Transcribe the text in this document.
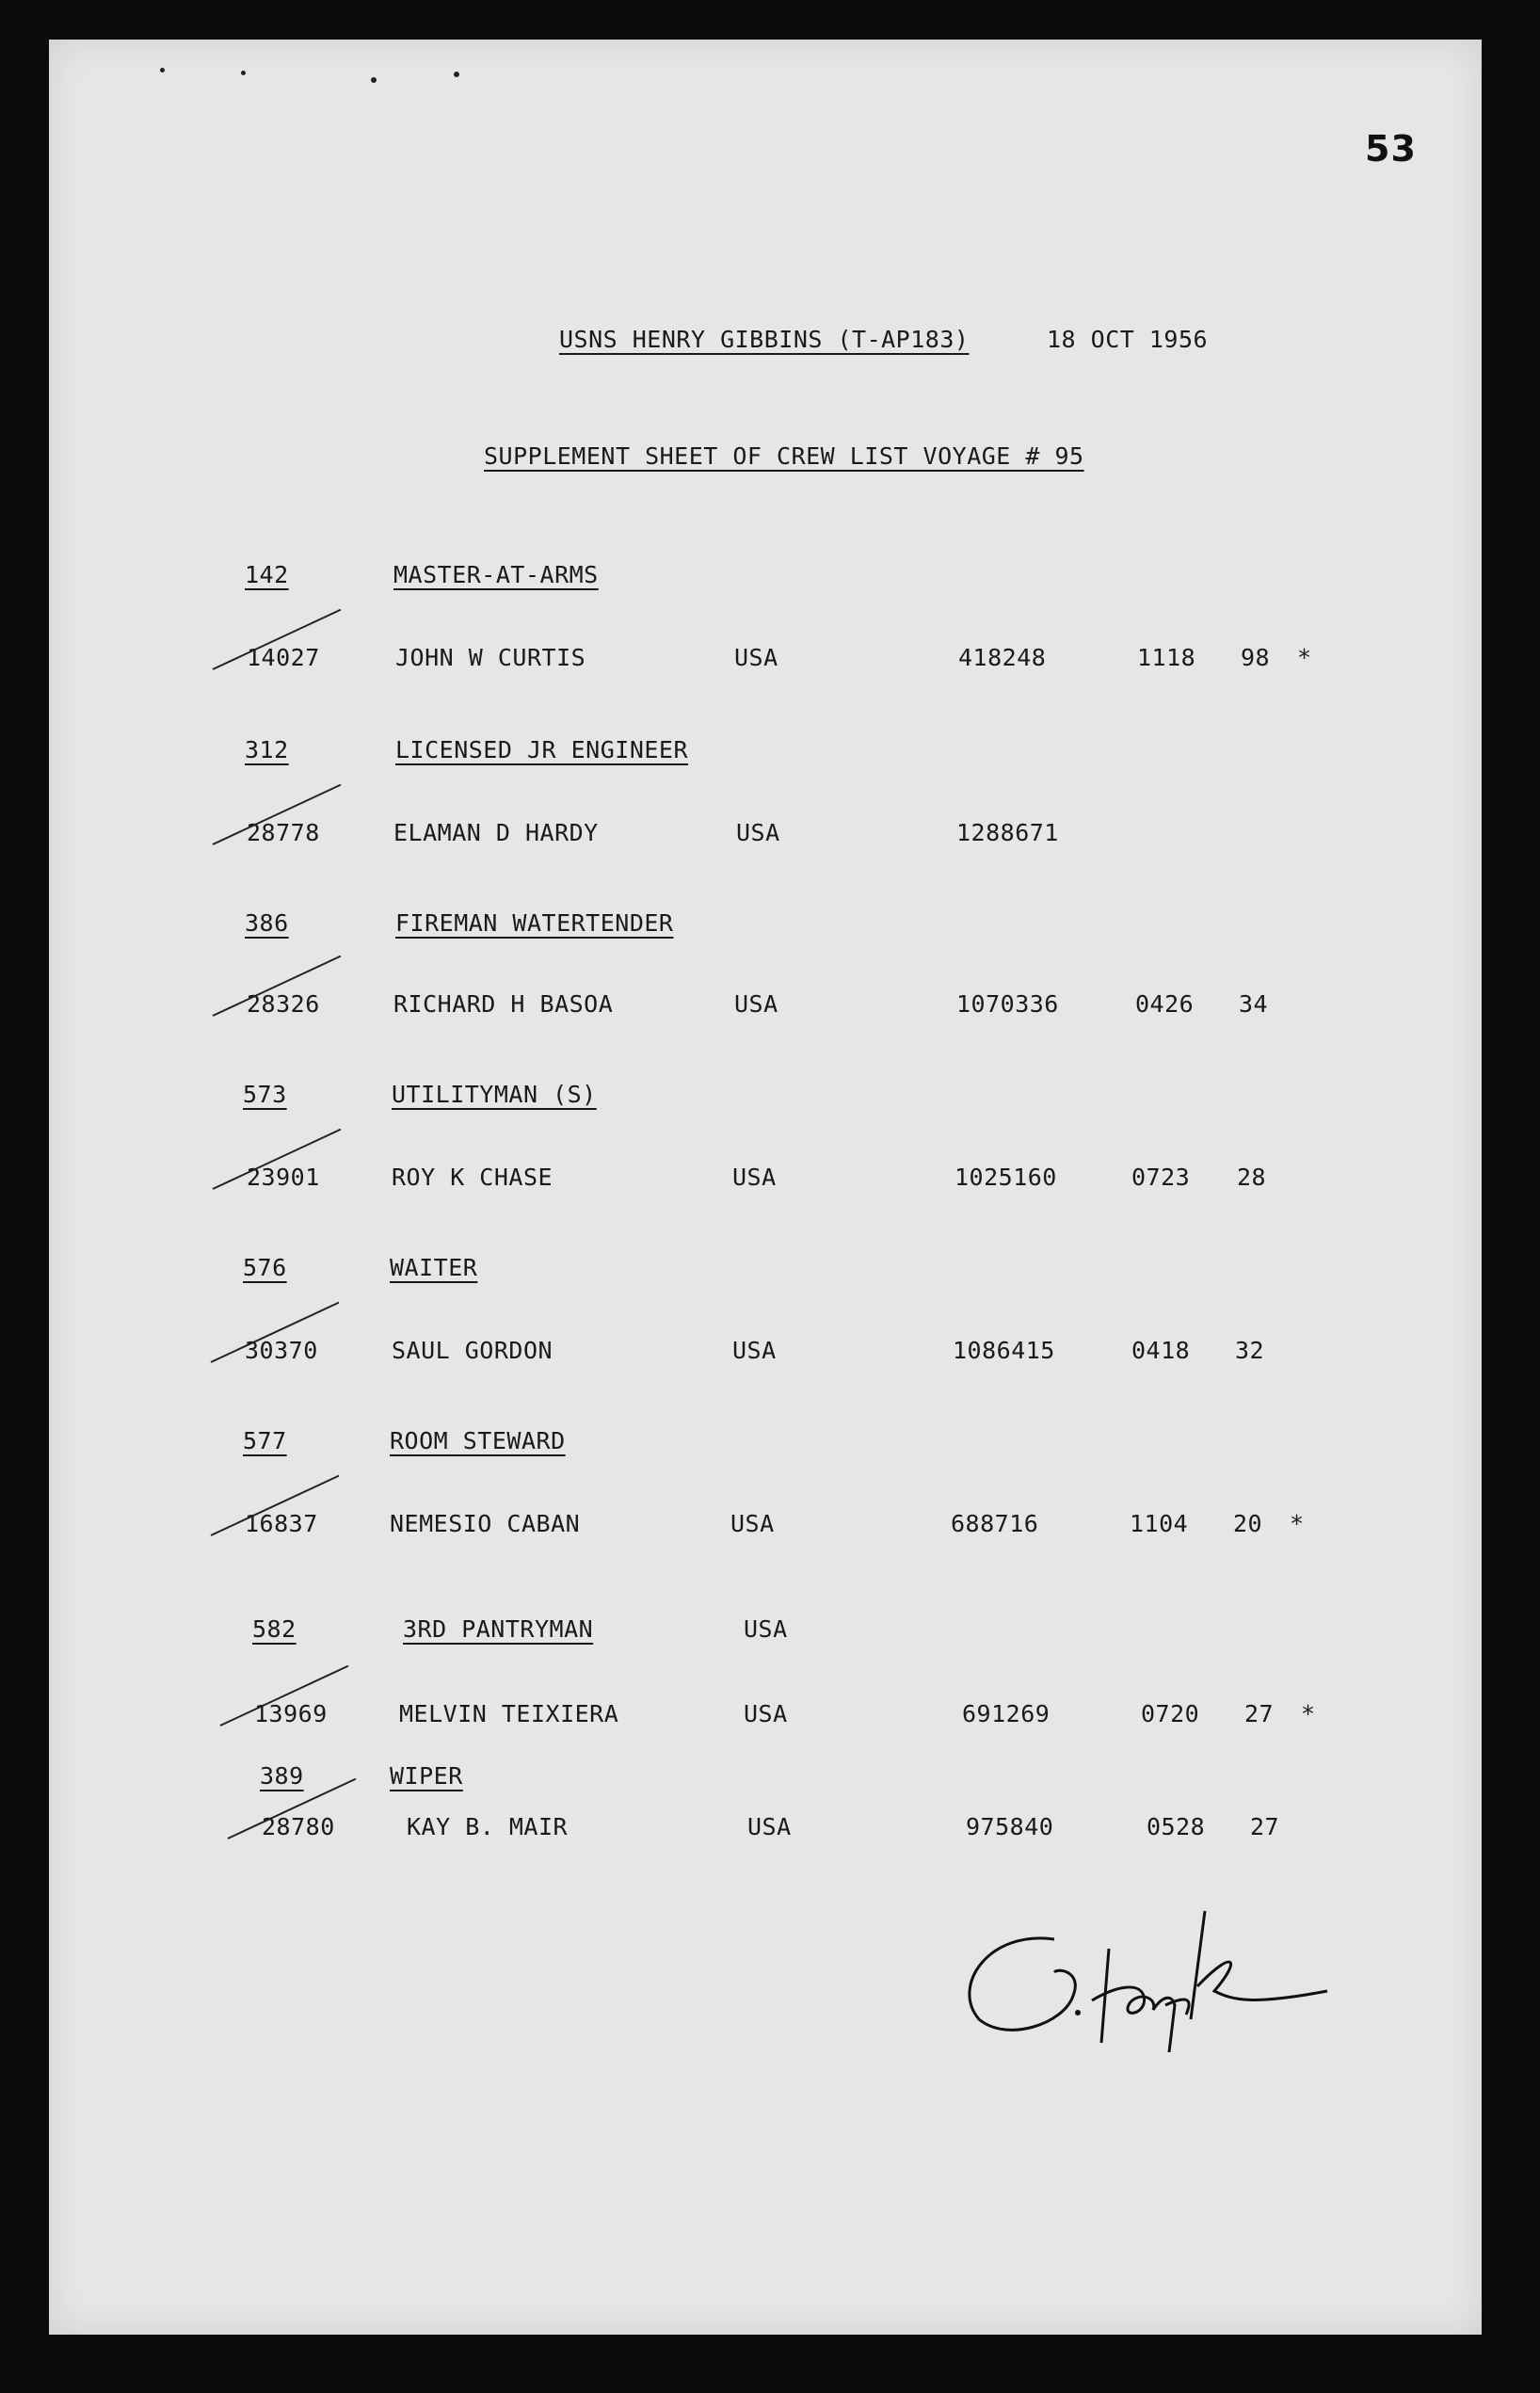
53
USNS HENRY GIBBINS (T-AP183)	18 OCT 1956
SUPPLEMENT SHEET OF CREW LIST VOYAGE # 95
142	MASTER-AT-ARMS
14027	JOHN W CURTIS	USA	418248	1118 98 *
312	LICENSED JR ENGINEER
28778	ELAMAN D HARDY	USA	1288671
386	FIREMAN WATERTENDER
28326	RICHARD H BASOA	USA	1070336	0426 34
573	UTILITYMAN (S)
23901	ROY K CHASE	USA	1025160	0723 28
576	WAITER
30370	SAUL GORDON	USA	1086415	0418 32
577	ROOM STEWARD
16837	NEMESIO CABAN	USA	688716	1104 20 *
582	3RD PANTRYMAN	USA
13969	MELVIN TEIXIERA	USA	691269	0720 27 *
389	WIPER
28780	KAY B. MAIR	USA	975840	0528 27
